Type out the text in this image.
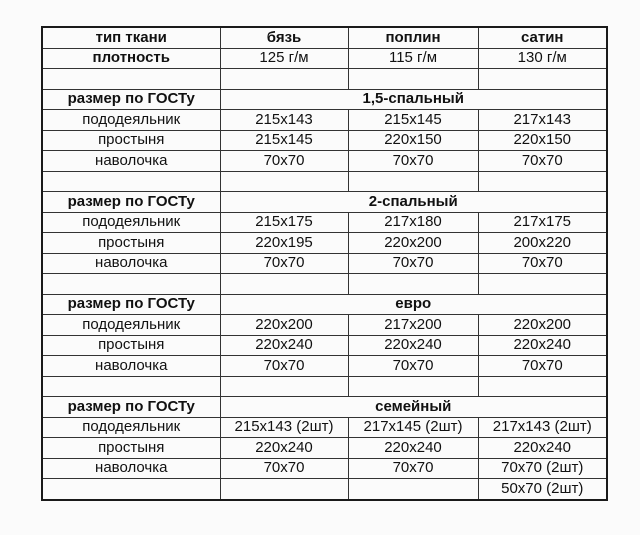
тип ткани	бязь	поплин	сатин
плотность	125 г/м	115 г/м	130 г/м

размер по ГОСТу	1,5-спальный		
пододеяльник	215x143	215x145	217x143
простыня	215x145	220x150	220x150
наволочка	70x70	70x70	70x70

размер по ГОСТу	2-спальный		
пододеяльник	215x175	217x180	217x175
простыня	220x195	220x200	200x220
наволочка	70x70	70x70	70x70

размер по ГОСТу	евро		
пододеяльник	220x200	217x200	220x200
простыня	220x240	220x240	220x240
наволочка	70x70	70x70	70x70

размер по ГОСТу	семейный		
пододеяльник	215x143 (2шт)	217x145 (2шт)	217x143 (2шт)
простыня	220x240	220x240	220x240
наволочка	70x70	70x70	70x70 (2шт)
			50x70 (2шт)
